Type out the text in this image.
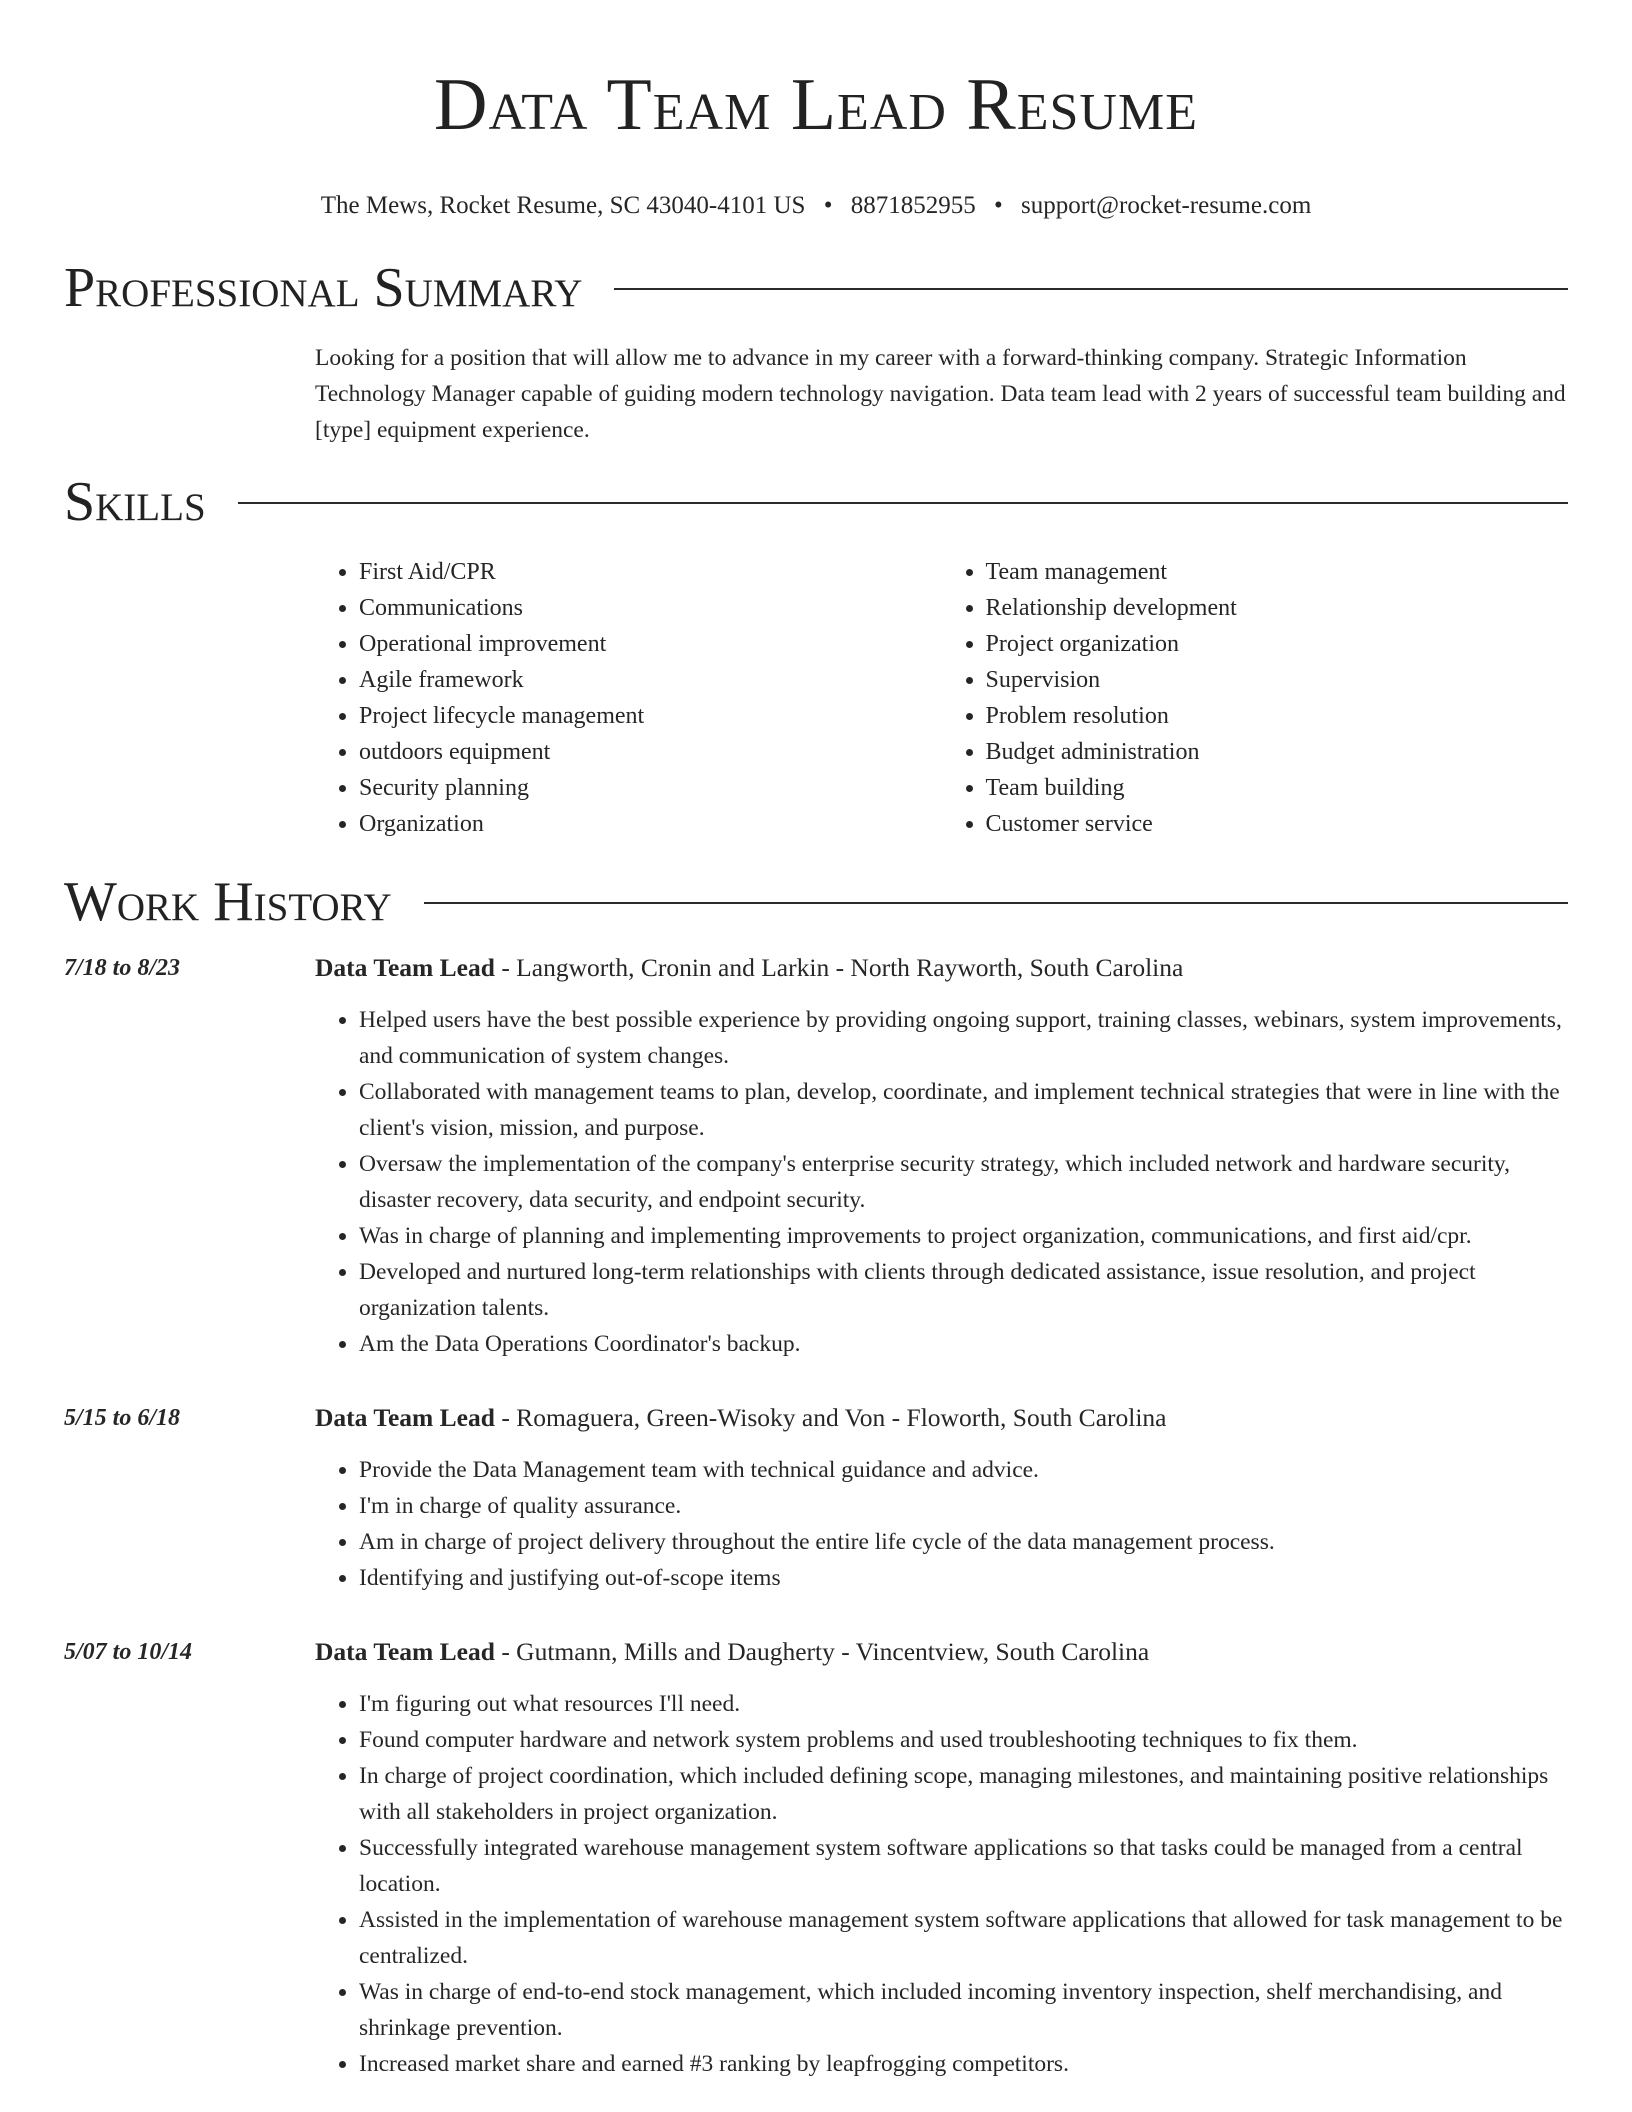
Data Team Lead Resume
The Mews, Rocket Resume, SC 43040-4101 US • 8871852955 • support@rocket-resume.com
Professional Summary

Looking for a position that will allow me to advance in my career with a forward-thinking company. Strategic Information Technology Manager capable of guiding modern technology navigation. Data team lead with 2 years of successful team building and [type] equipment experience.

Skills
• First Aid/CPR
• Communications
• Operational improvement
• Agile framework
• Project lifecycle management
• outdoors equipment
• Security planning
• Organization
• Team management
• Relationship development
• Project organization
• Supervision
• Problem resolution
• Budget administration
• Team building
• Customer service
Work History
7/18 to 8/23	Data Team Lead - Langworth, Cronin and Larkin - North Rayworth, South Carolina
• Helped users have the best possible experience by providing ongoing support, training classes, webinars, system improvements, and communication of system changes.
• Collaborated with management teams to plan, develop, coordinate, and implement technical strategies that were in line with the client's vision, mission, and purpose.
• Oversaw the implementation of the company's enterprise security strategy, which included network and hardware security, disaster recovery, data security, and endpoint security.
• Was in charge of planning and implementing improvements to project organization, communications, and first aid/cpr.
• Developed and nurtured long-term relationships with clients through dedicated assistance, issue resolution, and project organization talents.
• Am the Data Operations Coordinator's backup.
5/15 to 6/18	Data Team Lead - Romaguera, Green-Wisoky and Von - Floworth, South Carolina
• Provide the Data Management team with technical guidance and advice.
• I'm in charge of quality assurance.
• Am in charge of project delivery throughout the entire life cycle of the data management process.
• Identifying and justifying out-of-scope items
5/07 to 10/14	Data Team Lead - Gutmann, Mills and Daugherty - Vincentview, South Carolina
• I'm figuring out what resources I'll need.
• Found computer hardware and network system problems and used troubleshooting techniques to fix them.
• In charge of project coordination, which included defining scope, managing milestones, and maintaining positive relationships with all stakeholders in project organization.
• Successfully integrated warehouse management system software applications so that tasks could be managed from a central location.
• Assisted in the implementation of warehouse management system software applications that allowed for task management to be centralized.
• Was in charge of end-to-end stock management, which included incoming inventory inspection, shelf merchandising, and shrinkage prevention.
• Increased market share and earned #3 ranking by leapfrogging competitors.
